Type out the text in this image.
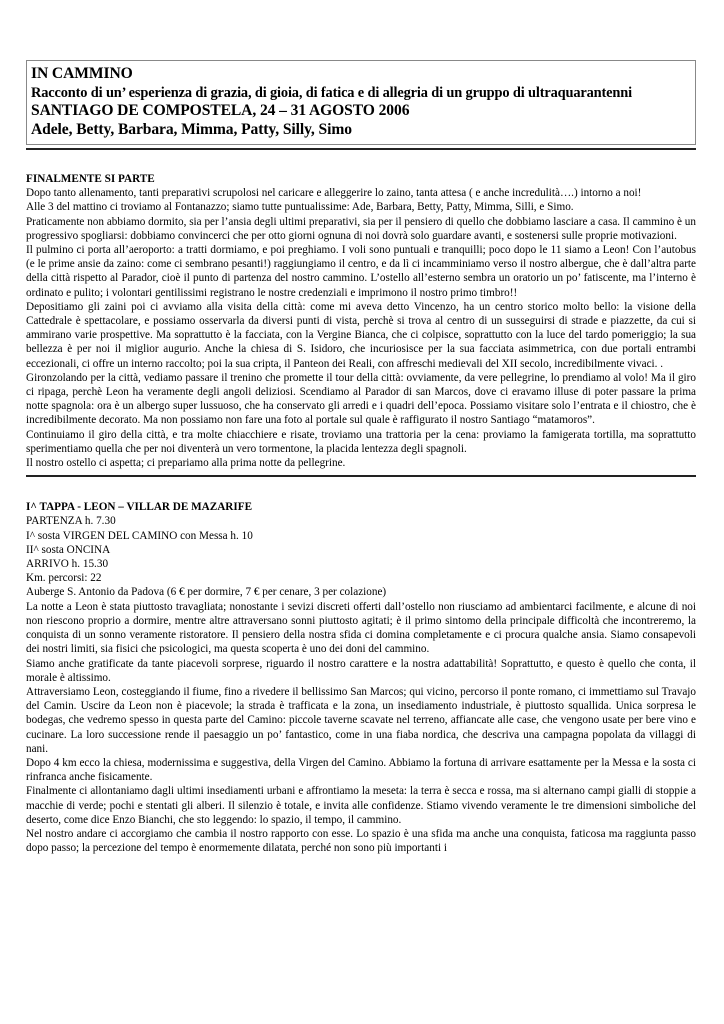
IN CAMMINO
Racconto di un’ esperienza di grazia, di gioia, di fatica e di allegria di un gruppo di ultraquarantenni
SANTIAGO DE COMPOSTELA, 24 – 31 AGOSTO 2006
Adele, Betty, Barbara, Mimma, Patty, Silly, Simo

FINALMENTE SI PARTE

Dopo tanto allenamento, tanti preparativi scrupolosi nel caricare e alleggerire lo zaino, tanta attesa ( e anche incredulità….) intorno a noi!

Alle 3 del mattino ci troviamo al Fontanazzo; siamo tutte puntualissime: Ade, Barbara, Betty, Patty, Mimma, Silli, e Simo.

Praticamente non abbiamo dormito, sia per l’ansia degli ultimi preparativi, sia per il pensiero di quello che dobbiamo lasciare a casa. Il cammino è un progressivo spogliarsi: dobbiamo convincerci che per otto giorni ognuna di noi dovrà solo guardare avanti, e sostenersi sulle proprie motivazioni.

Il pulmino ci porta all’aeroporto: a tratti dormiamo, e poi preghiamo. I voli sono puntuali e tranquilli; poco dopo le 11 siamo a Leon! Con l’autobus (e le prime ansie da zaino: come ci sembrano pesanti!) raggiungiamo il centro, e da lì ci incamminiamo verso il nostro albergue, che è dall’altra parte della città rispetto al Parador, cioè il punto di partenza del nostro cammino. L’ostello all’esterno sembra un oratorio un po’ fatiscente, ma l’interno è ordinato e pulito; i volontari gentilissimi registrano le nostre credenziali e imprimono il nostro primo timbro!!

Depositiamo gli zaini poi ci avviamo alla visita della città: come mi aveva detto Vincenzo, ha un centro storico molto bello: la visione della Cattedrale è spettacolare, e possiamo osservarla da diversi punti di vista, perchè si trova al centro di un susseguirsi di strade e piazzette, da cui si ammirano varie prospettive. Ma soprattutto è la facciata, con la Vergine Bianca, che ci colpisce, soprattutto con la luce del tardo pomeriggio; la sua bellezza è per noi il miglior augurio. Anche la chiesa di S. Isidoro, che incuriosisce per la sua facciata asimmetrica, con due portali entrambi eccezionali, ci offre un interno raccolto; poi la sua cripta, il Panteon dei Reali, con affreschi medievali del XII secolo, incredibilmente vivaci. .

Gironzolando per la città, vediamo passare il trenino che promette il tour della città: ovviamente, da vere pellegrine, lo prendiamo al volo! Ma il giro ci ripaga, perchè Leon ha veramente degli angoli deliziosi. Scendiamo al Parador di san Marcos, dove ci eravamo illuse di poter passare la prima notte spagnola: ora è un albergo super lussuoso, che ha conservato gli arredi e i quadri dell’epoca. Possiamo visitare solo l’entrata e il chiostro, che è incredibilmente decorato. Ma non possiamo non fare una foto al portale sul quale è raffigurato il nostro Santiago “matamoros”.

Continuiamo il giro della città, e tra molte chiacchiere e risate, troviamo una trattoria per la cena: proviamo la famigerata tortilla, ma soprattutto sperimentiamo quella che per noi diventerà un vero tormentone, la placida lentezza degli spagnoli.

Il nostro ostello ci aspetta; ci prepariamo alla prima notte da pellegrine.

I^ TAPPA - LEON – VILLAR DE MAZARIFE

PARTENZA h. 7.30

I^ sosta VIRGEN DEL CAMINO con Messa h. 10

II^ sosta ONCINA

ARRIVO h. 15.30

Km. percorsi: 22

Auberge S. Antonio da Padova (6 € per dormire, 7 € per cenare, 3 per colazione)

La notte a Leon è stata piuttosto travagliata; nonostante i sevizi discreti offerti dall’ostello non riusciamo ad ambientarci facilmente, e alcune di noi non riescono proprio a dormire, mentre altre attraversano sonni piuttosto agitati; è il primo sintomo della principale difficoltà che incontreremo, la conquista di un sonno veramente ristoratore. Il pensiero della nostra sfida ci domina completamente e ci procura qualche ansia. Siamo consapevoli dei nostri limiti, sia fisici che psicologici, ma questa scoperta è uno dei doni del cammino.

Siamo anche gratificate da tante piacevoli sorprese, riguardo il nostro carattere e la nostra adattabilità! Soprattutto, e questo è quello che conta, il morale è altissimo.

Attraversiamo Leon, costeggiando il fiume, fino a rivedere il bellissimo San Marcos; qui vicino, percorso il ponte romano, ci immettiamo sul Travajo del Camin. Uscire da Leon non è piacevole; la strada è trafficata e la zona, un insediamento industriale, è piuttosto squallida. Unica sorpresa le bodegas, che vedremo spesso in questa parte del Camino: piccole taverne scavate nel terreno, affiancate alle case, che vengono usate per bere vino e cucinare. La loro successione rende il paesaggio un po’ fantastico, come in una fiaba nordica, che descriva una campagna popolata da villaggi di nani.

Dopo 4 km ecco la chiesa, modernissima e suggestiva, della Virgen del Camino. Abbiamo la fortuna di arrivare esattamente per la Messa e la sosta ci rinfranca anche fisicamente.

Finalmente ci allontaniamo dagli ultimi insediamenti urbani e affrontiamo la meseta: la terra è secca e rossa, ma si alternano campi gialli di stoppie a macchie di verde; pochi e stentati gli alberi. Il silenzio è totale, e invita alle confidenze. Stiamo vivendo veramente le tre dimensioni simboliche del deserto, come dice Enzo Bianchi, che sto leggendo: lo spazio, il tempo, il cammino.

Nel nostro andare ci accorgiamo che cambia il nostro rapporto con esse. Lo spazio è una sfida ma anche una conquista, faticosa ma raggiunta passo dopo passo; la percezione del tempo è enormemente dilatata, perché non sono più importanti i
